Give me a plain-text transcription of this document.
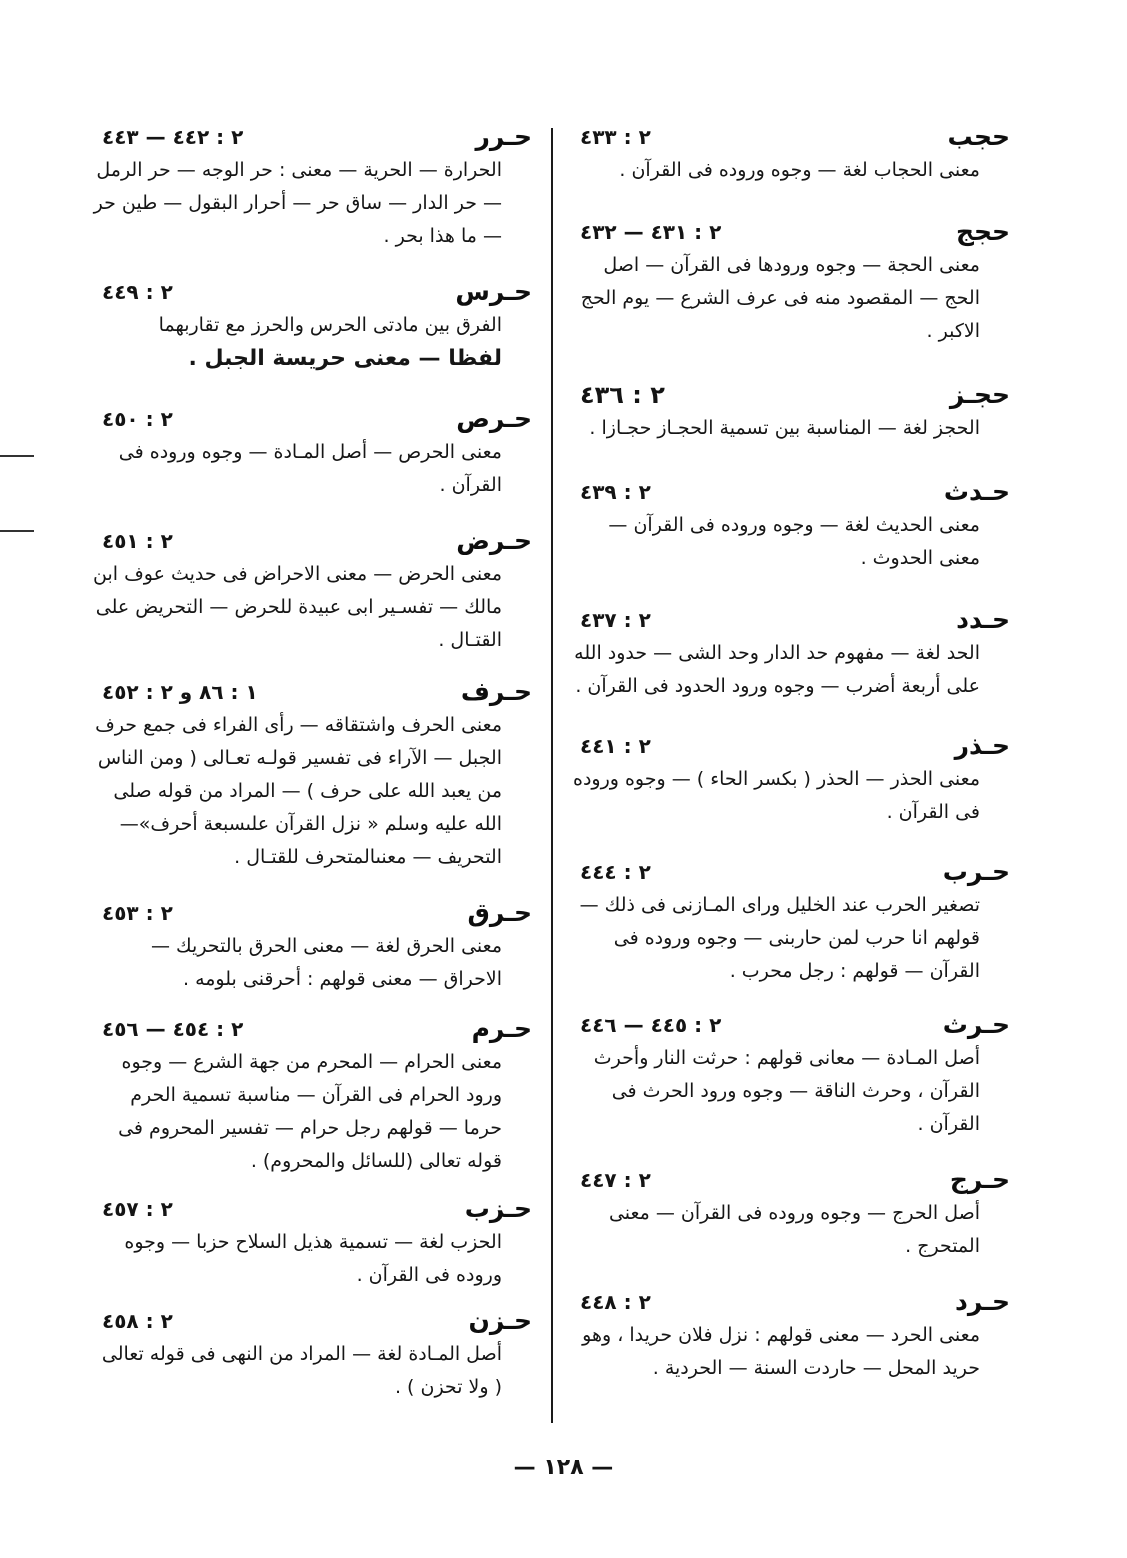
حجب
٢ : ٤٣٣
معنى الحجاب لغة — وجوه وروده فى القرآن .
حجج
٢ : ٤٣١ — ٤٣٢
معنى الحجة — وجوه ورودها فى القرآن — اصل الحج — المقصود منه فى عرف الشرع — يوم الحج الاكبر .
حجـز
٢ : ٤٣٦
الحجز لغة — المناسبة بين تسمية الحجـاز حجـازا .
حـدث
٢ : ٤٣٩
معنى الحديث لغة — وجوه وروده فى القرآن — معنى الحدوث .
حـدد
٢ : ٤٣٧
الحد لغة — مفهوم حد الدار وحد الشى — حدود الله على أربعة أضرب — وجوه ورود الحدود فى القرآن .
حـذر
٢ : ٤٤١
معنى الحذر — الحذر ( بكسر الحاء ) — وجوه وروده فى القرآن .
حـرب
٢ : ٤٤٤
تصغير الحرب عند الخليل وراى المـازنى فى ذلك — قولهم انا حرب لمن حاربنى — وجوه وروده فى القرآن — قولهم : رجل محرب .
حـرث
٢ : ٤٤٥ — ٤٤٦
أصل المـادة — معانى قولهم : حرثت النار وأحرث القرآن ، وحرث الناقة — وجوه ورود الحرث فى القرآن .
حـرج
٢ : ٤٤٧
أصل الحرج — وجوه وروده فى القرآن — معنى المتحرج .
حـرد
٢ : ٤٤٨
معنى الحرد — معنى قولهم : نزل فلان حريدا ، وهو حريد المحل — حاردت السنة — الحردية .
حـرر
٢ : ٤٤٢ — ٤٤٣
الحرارة — الحرية — معنى : حر الوجه — حر الرمل — حر الدار — ساق حر — أحرار البقول — طين حر — ما هذا بحر .
حـرس
٢ : ٤٤٩
الفرق بين مادتى الحرس والحرز مع تقاربهما
لفظا — معنى حريسة الجبل .
حـرص
٢ : ٤٥٠
معنى الحرص — أصل المـادة — وجوه وروده فى القرآن .
حـرض
٢ : ٤٥١
معنى الحرض — معنى الاحراض فى حديث عوف ابن مالك — تفسـير ابى عبيدة للحرض — التحريض على القتـال .
حـرف
١ : ٨٦ و ٢ : ٤٥٢
معنى الحرف واشتقاقه — رأى الفراء فى جمع حرف الجبل — الآراء فى تفسير قولـه تعـالى ( ومن الناس من يعبد الله على حرف ) — المراد من قوله صلى الله عليه وسلم « نزل القرآن علىسبعة أحرف»—التحريف — معنىالمتحرف للقتـال .
حـرق
٢ : ٤٥٣
معنى الحرق لغة — معنى الحرق بالتحريك — الاحراق — معنى قولهم : أحرقنى بلومه .
حـرم
٢ : ٤٥٤ — ٤٥٦
معنى الحرام — المحرم من جهة الشرع — وجوه ورود الحرام فى القرآن — مناسبة تسمية الحرم حرما — قولهم رجل حرام — تفسير المحروم فى قوله تعالى (للسائل والمحروم) .
حـزب
٢ : ٤٥٧
الحزب لغة — تسمية هذيل السلاح حزبا — وجوه وروده فى القرآن .
حـزن
٢ : ٤٥٨
أصل المـادة لغة — المراد من النهى فى قوله تعالى ( ولا تحزن ) .
— ١٢٨ —
